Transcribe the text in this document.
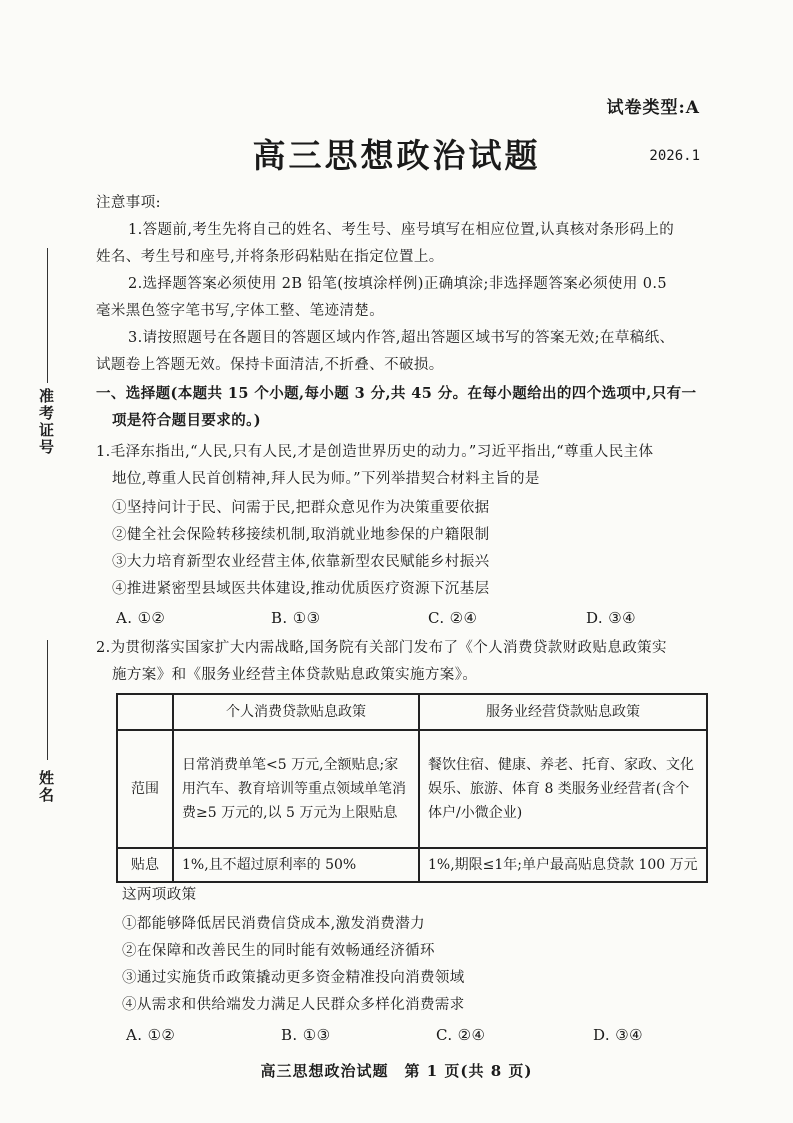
试卷类型:A
高三思想政治试题	2026.1
准考证号
姓名
注意事项:
1.答题前,考生先将自己的姓名、考生号、座号填写在相应位置,认真核对条形码上的
姓名、考生号和座号,并将条形码粘贴在指定位置上。
2.选择题答案必须使用 2B 铅笔(按填涂样例)正确填涂;非选择题答案必须使用 0.5
毫米黑色签字笔书写,字体工整、笔迹清楚。
3.请按照题号在各题目的答题区域内作答,超出答题区域书写的答案无效;在草稿纸、
试题卷上答题无效。保持卡面清洁,不折叠、不破损。
一、选择题(本题共 15 个小题,每小题 3 分,共 45 分。在每小题给出的四个选项中,只有一
项是符合题目要求的。)
1.毛泽东指出,“人民,只有人民,才是创造世界历史的动力。”习近平指出,“尊重人民主体
地位,尊重人民首创精神,拜人民为师。”下列举措契合材料主旨的是
①坚持问计于民、问需于民,把群众意见作为决策重要依据
②健全社会保险转移接续机制,取消就业地参保的户籍限制
③大力培育新型农业经营主体,依靠新型农民赋能乡村振兴
④推进紧密型县域医共体建设,推动优质医疗资源下沉基层
A. ①②	B. ①③	C. ②④	D. ③④
2.为贯彻落实国家扩大内需战略,国务院有关部门发布了《个人消费贷款财政贴息政策实
施方案》和《服务业经营主体贷款贴息政策实施方案》。
	个人消费贷款贴息政策	服务业经营贷款贴息政策
范围	日常消费单笔<5 万元,全额贴息;家用汽车、教育培训等重点领域单笔消费≥5 万元的,以 5 万元为上限贴息	餐饮住宿、健康、养老、托育、家政、文化娱乐、旅游、体育 8 类服务业经营者(含个体户/小微企业)
贴息	1%,且不超过原利率的 50%	1%,期限≤1年;单户最高贴息贷款 100 万元
这两项政策
①都能够降低居民消费信贷成本,激发消费潜力
②在保障和改善民生的同时能有效畅通经济循环
③通过实施货币政策撬动更多资金精准投向消费领域
④从需求和供给端发力满足人民群众多样化消费需求
A. ①②	B. ①③	C. ②④	D. ③④
高三思想政治试题　第 1 页(共 8 页)
